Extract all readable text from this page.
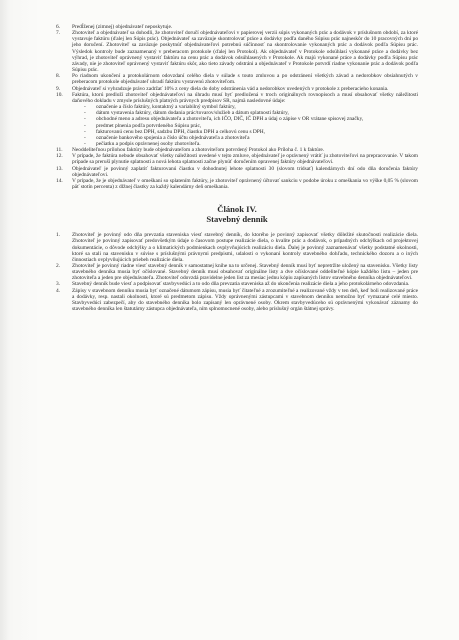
6.	Predĺženej (zimnej) objednávateľ neposkytuje.
7.	Zhotoviteľ a objednávateľ sa dohodli, že zhotoviteľ doručí objednávateľovi v papierovej verzii súpis vykonaných prác a dodávok v príslušnom období, za ktoré vystavuje faktúru (ďalej len Súpis prác). Objednávateľ sa zaväzuje skontrolovať práce a dodávky podľa daného Súpisu prác najneskôr do 10 pracovných dní po jeho doručení. Zhotoviteľ sa zaväzuje poskytnúť objednávateľovi potrebnú súčinnosť na skontrolovanie vykonaných prác a dodávok podľa Súpisu prác. Výsledok kontroly bude zaznamenaný v preberacom protokole (ďalej len Protokol). Ak objednávateľ v Protokole odsúhlasí vykonané práce a dodávky bez výhrad, je zhotoviteľ oprávnený vystaviť faktúru na cenu prác a dodávok odsúhlasených v Protokole. Ak majú vykonané práce a dodávky podľa Súpisu prác závady, nie je zhotoviteľ oprávnený vystaviť faktúru skôr, ako tieto závady odstráni a objednávateľ v Protokole potvrdí riadne vykonanie prác a dodávok podľa Súpisu prác.
8.	Po riadnom ukončení a protokolárnom odovzdaní celého diela v súlade s touto zmluvou a po odstránení všetkých závad a nedorobkov obsiahnutých v preberacom protokole objednávateľ uhradí faktúru vystavenú zhotoviteľom.
9.	Objednávateľ si vyhradzuje právo zadržať 10% z ceny diela do doby odstránenia vád a nedorobkov uvedených v protokole z preberacieho konania.
10.	Faktúra, ktorú predloží zhotoviteľ objednávateľovi na úhradu musí byť predložená v troch originálnych rovnopisoch a musí obsahovať všetky náležitosti daňového dokladu v zmysle príslušných platných právnych predpisov SR, najmä nasledovné údaje:
-	označenie a číslo faktúry, kontaktný a variabilný symbol faktúry,
-	dátum vystavenia faktúry, dátum dodania prác/tovarov/služieb a dátum splatnosti faktúry,
-	obchodné meno a adresu objednávateľa a zhotoviteľa, ich IČO, DIČ, IČ DPH a údaj o zápise v OR vrátane spisovej značky,
-	predmet plnenia podľa potvrdeného Súpisu prác,
-	fakturovanú cenu bez DPH, sadzbu DPH, čiastku DPH a celkovú cenu s DPH,
-	označenie bankového spojenia a číslo účtu objednávateľa a zhotoviteľa
-	pečiatku a podpis oprávnenej osoby zhotoviteľa.
11.	Neoddeliteľnou prílohou faktúry bude objednávateľom a zhotoviteľom potvrdený Protokol ako Príloha č. 1 k faktúre.
12.	V prípade, že faktúra nebude obsahovať všetky náležitosti uvedené v tejto zmluve, objednávateľ je oprávnený vrátiť ju zhotoviteľovi na prepracovanie. V takom prípade sa preruší plynutie splatnosti a nová lehota splatnosti začne plynúť doručením opravenej faktúry objednávateľovi.
13.	Objednávateľ je povinný zaplatiť fakturovanú čiastku v dohodnutej lehote splatnosti 30 (slovom tridsať) kalendárnych dní odo dňa doručenia faktúry objednávateľovi.
14.	V prípade, že je objednávateľ v omeškaní so splatením faktúry, je zhotoviteľ oprávnený účtovať sankciu v podobe úroku z omeškania vo výške 0,05 % (slovom päť stotín percenta) z dlžnej čiastky za každý kalendárny deň omeškania.

Článok IV.

Stavebný denník

1.	Zhotoviteľ je povinný odo dňa prevzatia staveniska viesť stavebný denník, do ktorého je povinný zapisovať všetky dôležité skutočnosti realizácie diela. Zhotoviteľ je povinný zapisovať predovšetkým údaje o časovom postupe realizácie diela, o kvalite prác a dodávok, o prípadných odchýlkach od projektovej dokumentácie, o dôvode odchýlky a o klimatických podmienkach ovplyvňujúcich realizáciu diela. Ďalej je povinný zaznamenávať všetky podstatné okolnosti, ktoré sa stali na stavenisku v súvise s príslušnými právnymi predpismi, udalosti o vykonaní kontroly stavebného dohľadu, technického dozoru a o iných činnostiach ovplyvňujúcich priebeh realizácie diela.
2.	Zhotoviteľ je povinný riadne viesť stavebný denník v samostatnej knihe na to určenej. Stavebný denník musí byť nepretržite uložený na stavenisku. Všetky listy stavebného denníka musia byť očíslované. Stavebný denník musí obsahovať originálne listy a dve očíslované oddeliteľné kópie každého listu – jeden pre zhotoviteľa a jeden pre objednávateľa. Zhotoviteľ odovzdá pravidelne jeden list za mesiac jednu kópiu zapísaných listov stavebného denníka objednávateľovi.
3.	Stavebný denník bude viesť a podpisovať stavbyvedúci a to odo dňa prevzatia staveniska až do ukončenia realizácie diela a jeho protokolárneho odovzdania.
4.	Zápisy v stavebnom denníku musia byť označené dátumom zápisu, musia byť čitateľné a zrozumiteľné a realizované vždy v ten deň, keď boli realizované práce a dodávky, resp. nastali okolnosti, ktoré sú predmetom zápisu. Vždy oprávnenými zástupcami v stavebnom denníku nemožno byť vymazané celé miesto. Stavbyvedúci zabezpečí, aby do stavebného denníka bolo zapísaný len oprávnené osoby. Okrem stavbyvedúceho sú oprávnenými vykonávať záznamy do stavebného denníka len štatutárny zástupca objednávateľa, ním splnomocnené osoby, alebo príslušný orgán štátnej správy.
